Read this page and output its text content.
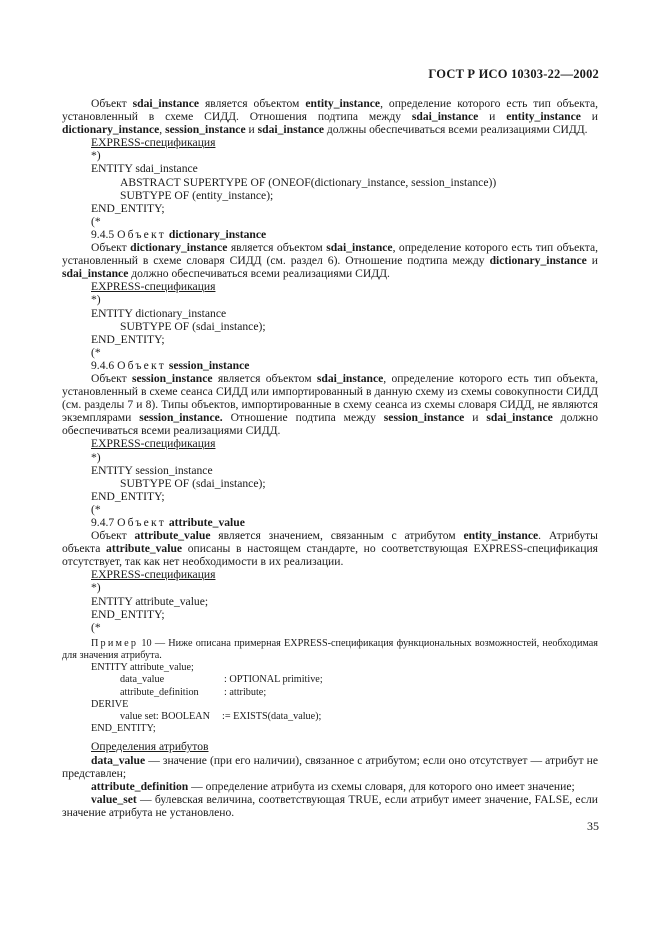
ГОСТ Р ИСО 10303-22—2002
Объект sdai_instance является объектом entity_instance, определение которого есть тип объекта, установленный в схеме СИДД. Отношения подтипа между sdai_instance и entity_instance и dictionary_instance, session_instance и sdai_instance должны обеспечиваться всеми реализациями СИДД.
EXPRESS-спецификация
*)
ENTITY sdai_instance
ABSTRACT SUPERTYPE OF (ONEOF(dictionary_instance, session_instance))
SUBTYPE OF (entity_instance);
END_ENTITY;
(*
9.4.5 Объект dictionary_instance
Объект dictionary_instance является объектом sdai_instance, определение которого есть тип объекта, установленный в схеме словаря СИДД (см. раздел 6). Отношение подтипа между dictionary_instance и sdai_instance должно обеспечиваться всеми реализациями СИДД.
EXPRESS-спецификация
*)
ENTITY dictionary_instance
SUBTYPE OF (sdai_instance);
END_ENTITY;
(*
9.4.6 Объект session_instance
Объект session_instance является объектом sdai_instance, определение которого есть тип объекта, установленный в схеме сеанса СИДД или импортированный в данную схему из схемы совокупности СИДД (см. разделы 7 и 8). Типы объектов, импортированные в схему сеанса из схемы словаря СИДД, не являются экземплярами session_instance. Отношение подтипа между session_instance и sdai_instance должно обеспечиваться всеми реализациями СИДД.
EXPRESS-спецификация
*)
ENTITY session_instance
SUBTYPE OF (sdai_instance);
END_ENTITY;
(*
9.4.7 Объект attribute_value
Объект attribute_value является значением, связанным с атрибутом entity_instance. Атрибуты объекта attribute_value описаны в настоящем стандарте, но соответствующая EXPRESS-спецификация отсутствует, так как нет необходимости в их реализации.
EXPRESS-спецификация
*)
ENTITY attribute_value;
END_ENTITY;
(*
Пример 10 — Ниже описана примерная EXPRESS-спецификация функциональных возможностей, необходимая для значения атрибута.
ENTITY attribute_value;
data_value	: OPTIONAL primitive;
attribute_definition : attribute;
DERIVE
value set: BOOLEAN := EXISTS(data_value);
END_ENTITY;
Определения атрибутов
data_value — значение (при его наличии), связанное с атрибутом; если оно отсутствует — атрибут не представлен;
attribute_definition — определение атрибута из схемы словаря, для которого оно имеет значение;
value_set — булевская величина, соответствующая TRUE, если атрибут имеет значение, FALSE, если значение атрибута не установлено.
35
